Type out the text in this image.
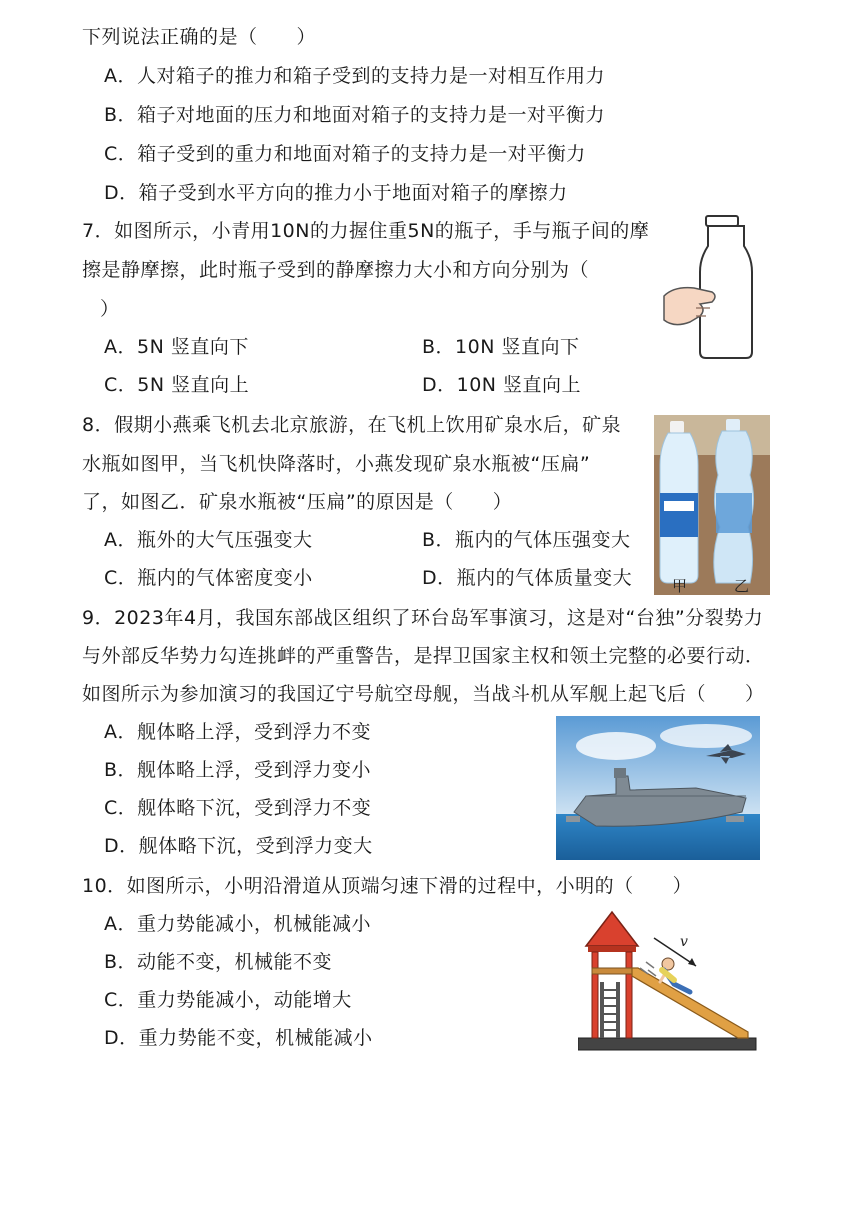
下列说法正确的是（　　）
A．人对箱子的推力和箱子受到的支持力是一对相互作用力
B．箱子对地面的压力和地面对箱子的支持力是一对平衡力
C．箱子受到的重力和地面对箱子的支持力是一对平衡力
D．箱子受到水平方向的推力小于地面对箱子的摩擦力
7．如图所示，小青用10N的力握住重5N的瓶子，手与瓶子间的摩
擦是静摩擦，此时瓶子受到的静摩擦力大小和方向分别为（
）
A．5N 竖直向下	B．10N 竖直向下
C．5N 竖直向上	D．10N 竖直向上
8．假期小燕乘飞机去北京旅游，在飞机上饮用矿泉水后，矿泉
水瓶如图甲，当飞机快降落时，小燕发现矿泉水瓶被“压扁”
了，如图乙．矿泉水瓶被“压扁”的原因是（　　）
A．瓶外的大气压强变大	B．瓶内的气体压强变大
C．瓶内的气体密度变小	D．瓶内的气体质量变大	甲	乙
9．2023年4月，我国东部战区组织了环台岛军事演习，这是对“台独”分裂势力
与外部反华势力勾连挑衅的严重警告，是捍卫国家主权和领土完整的必要行动．
如图所示为参加演习的我国辽宁号航空母舰，当战斗机从军舰上起飞后（　　）
A．舰体略上浮，受到浮力不变
B．舰体略上浮，受到浮力变小
C．舰体略下沉，受到浮力不变
D．舰体略下沉，受到浮力变大
10．如图所示，小明沿滑道从顶端匀速下滑的过程中，小明的（　　）
A．重力势能减小，机械能减小
B．动能不变，机械能不变
C．重力势能减小，动能增大
D．重力势能不变，机械能减小
v
